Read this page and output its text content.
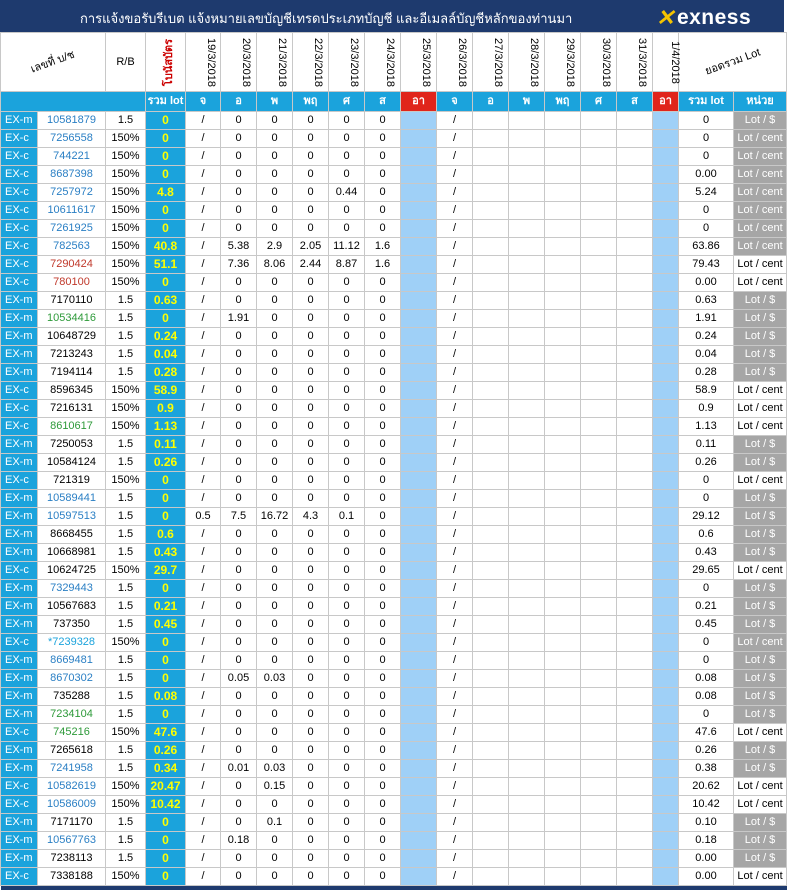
การแจ้งขอรับรีเบต แจ้งหมายเลขบัญชีเทรดประเภทบัญชี และอีเมลล์บัญชีหลักของท่านมา	✕ exness
เลขที่ บ/ช		R/B	โบนัสบัตร	19/3/2018	20/3/2018	21/3/2018	22/3/2018	23/3/2018	24/3/2018	25/3/2018	26/3/2018	27/3/2018	28/3/2018	29/3/2018	30/3/2018	31/3/2018	1/4/2018	ยอดรวม Lot	
			รวม lot	จ	อ	พ	พฤ	ศ	ส	อา	จ	อ	พ	พฤ	ศ	ส	อา	รวม lot	หน่วย
EX-m	10581879	1.5	0	/	0	0	0	0	0		/							0	Lot / $
EX-c	7256558	150%	0	/	0	0	0	0	0		/							0	Lot / cent
EX-c	744221	150%	0	/	0	0	0	0	0		/							0	Lot / cent
EX-c	8687398	150%	0	/	0	0	0	0	0		/							0.00	Lot / cent
EX-c	7257972	150%	4.8	/	0	0	0	0.44	0		/							5.24	Lot / cent
EX-c	10611617	150%	0	/	0	0	0	0	0		/							0	Lot / cent
EX-c	7261925	150%	0	/	0	0	0	0	0		/							0	Lot / cent
EX-c	782563	150%	40.8	/	5.38	2.9	2.05	11.12	1.6		/							63.86	Lot / cent
EX-c	7290424	150%	51.1	/	7.36	8.06	2.44	8.87	1.6		/							79.43	Lot / cent
EX-c	780100	150%	0	/	0	0	0	0	0		/							0.00	Lot / cent
EX-m	7170110	1.5	0.63	/	0	0	0	0	0		/							0.63	Lot / $
EX-m	10534416	1.5	0	/	1.91	0	0	0	0		/							1.91	Lot / $
EX-m	10648729	1.5	0.24	/	0	0	0	0	0		/							0.24	Lot / $
EX-m	7213243	1.5	0.04	/	0	0	0	0	0		/							0.04	Lot / $
EX-m	7194114	1.5	0.28	/	0	0	0	0	0		/							0.28	Lot / $
EX-c	8596345	150%	58.9	/	0	0	0	0	0		/							58.9	Lot / cent
EX-c	7216131	150%	0.9	/	0	0	0	0	0		/							0.9	Lot / cent
EX-c	8610617	150%	1.13	/	0	0	0	0	0		/							1.13	Lot / cent
EX-m	7250053	1.5	0.11	/	0	0	0	0	0		/							0.11	Lot / $
EX-m	10584124	1.5	0.26	/	0	0	0	0	0		/							0.26	Lot / $
EX-c	721319	150%	0	/	0	0	0	0	0		/							0	Lot / cent
EX-m	10589441	1.5	0	/	0	0	0	0	0		/							0	Lot / $
EX-m	10597513	1.5	0	0.5	7.5	16.72	4.3	0.1	0		/							29.12	Lot / $
EX-m	8668455	1.5	0.6	/	0	0	0	0	0		/							0.6	Lot / $
EX-m	10668981	1.5	0.43	/	0	0	0	0	0		/							0.43	Lot / $
EX-c	10624725	150%	29.7	/	0	0	0	0	0		/							29.65	Lot / cent
EX-m	7329443	1.5	0	/	0	0	0	0	0		/							0	Lot / $
EX-m	10567683	1.5	0.21	/	0	0	0	0	0		/							0.21	Lot / $
EX-m	737350	1.5	0.45	/	0	0	0	0	0		/							0.45	Lot / $
EX-c	*7239328	150%	0	/	0	0	0	0	0		/							0	Lot / cent
EX-m	8669481	1.5	0	/	0	0	0	0	0		/							0	Lot / $
EX-m	8670302	1.5	0	/	0.05	0.03	0	0	0		/							0.08	Lot / $
EX-m	735288	1.5	0.08	/	0	0	0	0	0		/							0.08	Lot / $
EX-m	7234104	1.5	0	/	0	0	0	0	0		/							0	Lot / $
EX-c	745216	150%	47.6	/	0	0	0	0	0		/							47.6	Lot / cent
EX-m	7265618	1.5	0.26	/	0	0	0	0	0		/							0.26	Lot / $
EX-m	7241958	1.5	0.34	/	0.01	0.03	0	0	0		/							0.38	Lot / $
EX-c	10582619	150%	20.47	/	0	0.15	0	0	0		/							20.62	Lot / cent
EX-c	10586009	150%	10.42	/	0	0	0	0	0		/							10.42	Lot / cent
EX-m	7171170	1.5	0	/	0	0.1	0	0	0		/							0.10	Lot / $
EX-m	10567763	1.5	0	/	0.18	0	0	0	0		/							0.18	Lot / $
EX-m	7238113	1.5	0	/	0	0	0	0	0		/							0.00	Lot / $
EX-c	7338188	150%	0	/	0	0	0	0	0		/							0.00	Lot / cent
